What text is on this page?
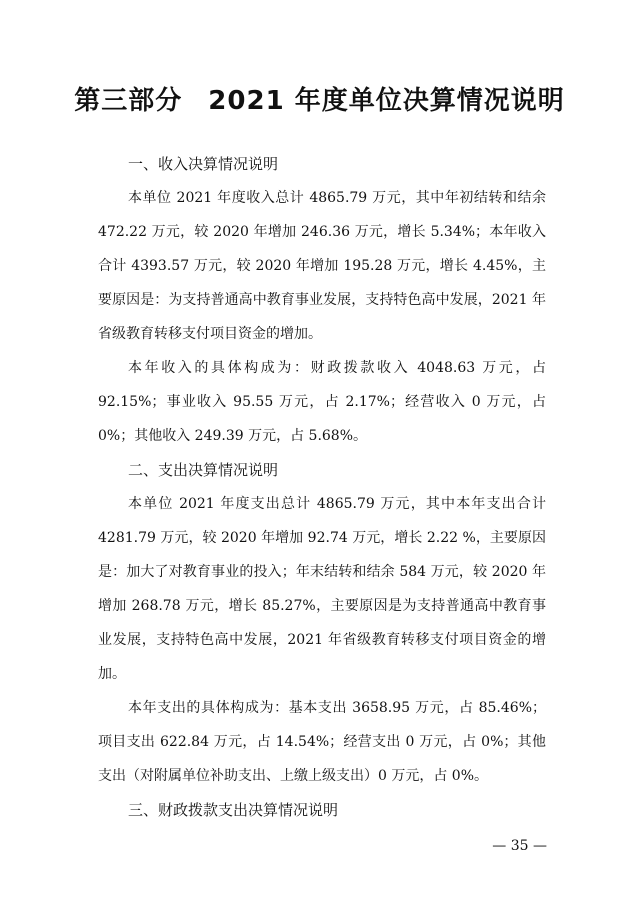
第三部分 2021 年度单位决算情况说明
一、收入决算情况说明
本单位 2021 年度收入总计 4865.79 万元，其中年初结转和结余 472.22 万元，较 2020 年增加 246.36 万元，增长 5.34%；本年收入合计 4393.57 万元，较 2020 年增加 195.28 万元，增长 4.45%，主要原因是：为支持普通高中教育事业发展，支持特色高中发展，2021 年省级教育转移支付项目资金的增加。
本年收入的具体构成为：财政拨款收入 4048.63 万元，占 92.15%；事业收入 95.55 万元，占 2.17%；经营收入 0 万元，占 0%；其他收入 249.39 万元，占 5.68%。
二、支出决算情况说明
本单位 2021 年度支出总计 4865.79 万元，其中本年支出合计 4281.79 万元，较 2020 年增加 92.74 万元，增长 2.22 %，主要原因是：加大了对教育事业的投入；年末结转和结余 584 万元，较 2020 年增加 268.78 万元，增长 85.27%，主要原因是为支持普通高中教育事业发展，支持特色高中发展，2021 年省级教育转移支付项目资金的增加。
本年支出的具体构成为：基本支出 3658.95 万元，占 85.46%；项目支出 622.84 万元，占 14.54%；经营支出 0 万元，占 0%；其他支出（对附属单位补助支出、上缴上级支出）0 万元，占 0%。
三、财政拨款支出决算情况说明
— 35 —
